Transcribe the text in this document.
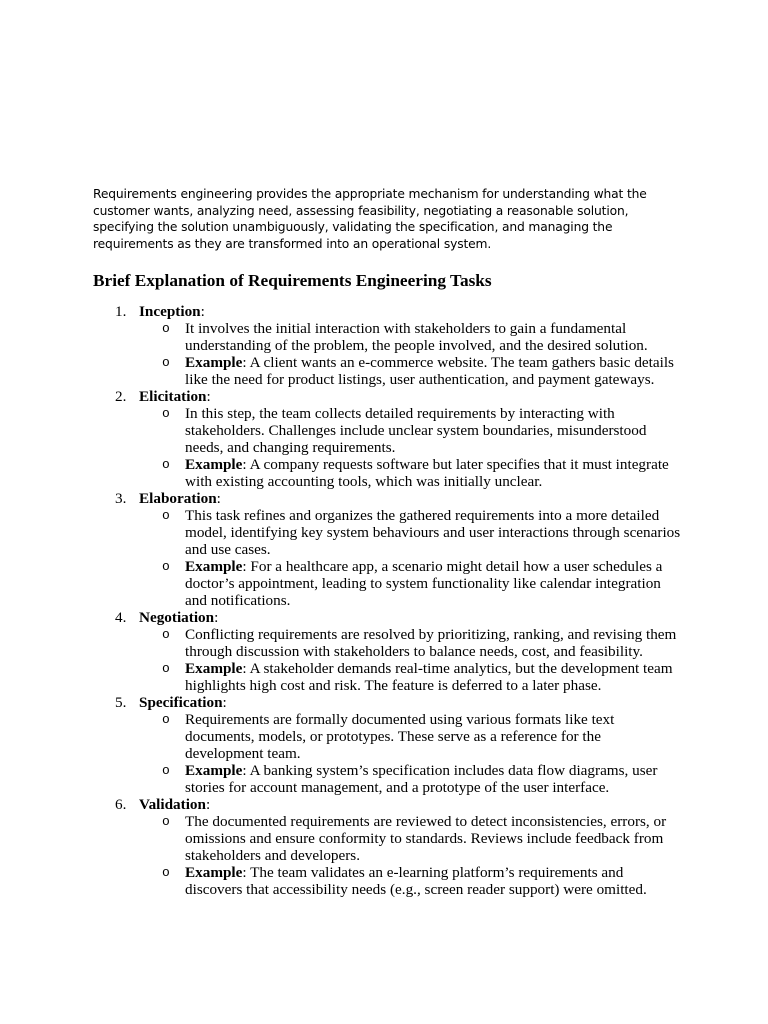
Requirements engineering provides the appropriate mechanism for understanding what the customer wants, analyzing need, assessing feasibility, negotiating a reasonable solution, specifying the solution unambiguously, validating the specification, and managing the requirements as they are transformed into an operational system.

Brief Explanation of Requirements Engineering Tasks
1. Inception:
o It involves the initial interaction with stakeholders to gain a fundamental understanding of the problem, the people involved, and the desired solution.
o Example: A client wants an e-commerce website. The team gathers basic details like the need for product listings, user authentication, and payment gateways.
2. Elicitation:
o In this step, the team collects detailed requirements by interacting with stakeholders. Challenges include unclear system boundaries, misunderstood needs, and changing requirements.
o Example: A company requests software but later specifies that it must integrate with existing accounting tools, which was initially unclear.
3. Elaboration:
o This task refines and organizes the gathered requirements into a more detailed model, identifying key system behaviours and user interactions through scenarios and use cases.
o Example: For a healthcare app, a scenario might detail how a user schedules a doctor’s appointment, leading to system functionality like calendar integration and notifications.
4. Negotiation:
o Conflicting requirements are resolved by prioritizing, ranking, and revising them through discussion with stakeholders to balance needs, cost, and feasibility.
o Example: A stakeholder demands real-time analytics, but the development team highlights high cost and risk. The feature is deferred to a later phase.
5. Specification:
o Requirements are formally documented using various formats like text documents, models, or prototypes. These serve as a reference for the development team.
o Example: A banking system’s specification includes data flow diagrams, user stories for account management, and a prototype of the user interface.
6. Validation:
o The documented requirements are reviewed to detect inconsistencies, errors, or omissions and ensure conformity to standards. Reviews include feedback from stakeholders and developers.
o Example: The team validates an e-learning platform’s requirements and discovers that accessibility needs (e.g., screen reader support) were omitted.
